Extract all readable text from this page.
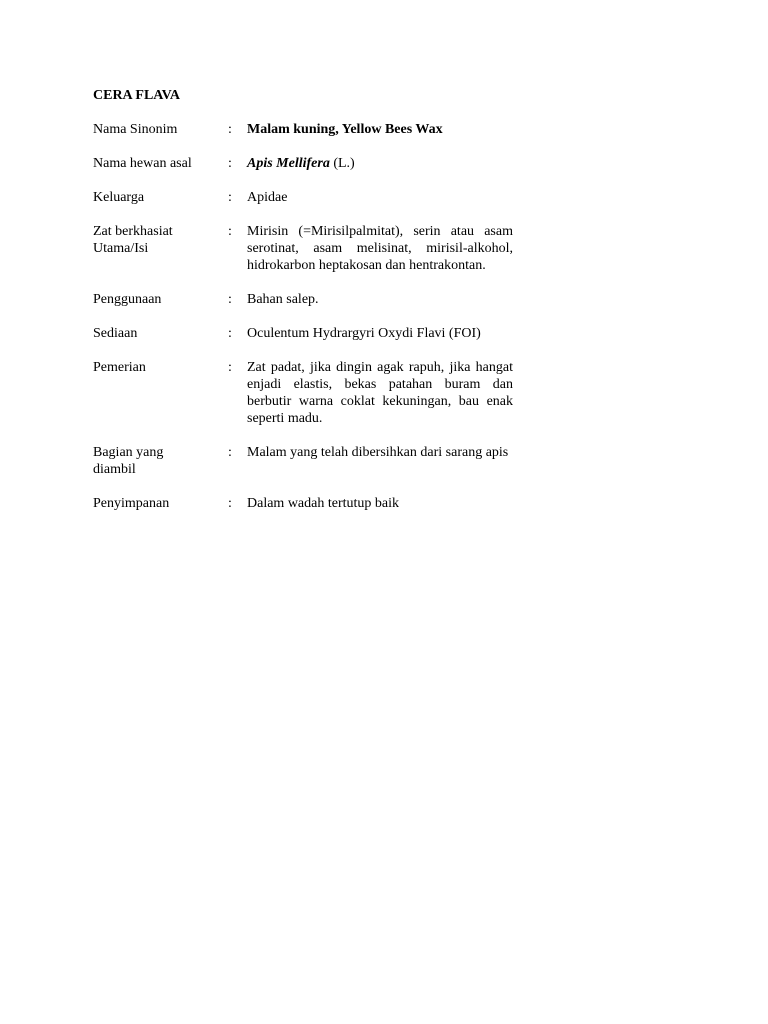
CERA FLAVA
Nama Sinonim	:	Malam kuning, Yellow Bees Wax
Nama hewan asal	:	Apis Mellifera (L.)
Keluarga	:	Apidae
Zat berkhasiat
Utama/Isi
:	Mirisin (=Mirisilpalmitat), serin atau asam serotinat, asam melisinat, mirisil-alkohol, hidrokarbon heptakosan dan hentrakontan.
Penggunaan	:	Bahan salep.
Sediaan	:	Oculentum Hydrargyri Oxydi Flavi (FOI)
Pemerian	:	Zat padat, jika dingin agak rapuh, jika hangat enjadi elastis, bekas patahan buram dan berbutir warna coklat kekuningan, bau enak seperti madu.
Bagian yang
diambil
:	Malam yang telah dibersihkan dari sarang apis
Penyimpanan	:	Dalam wadah tertutup baik
